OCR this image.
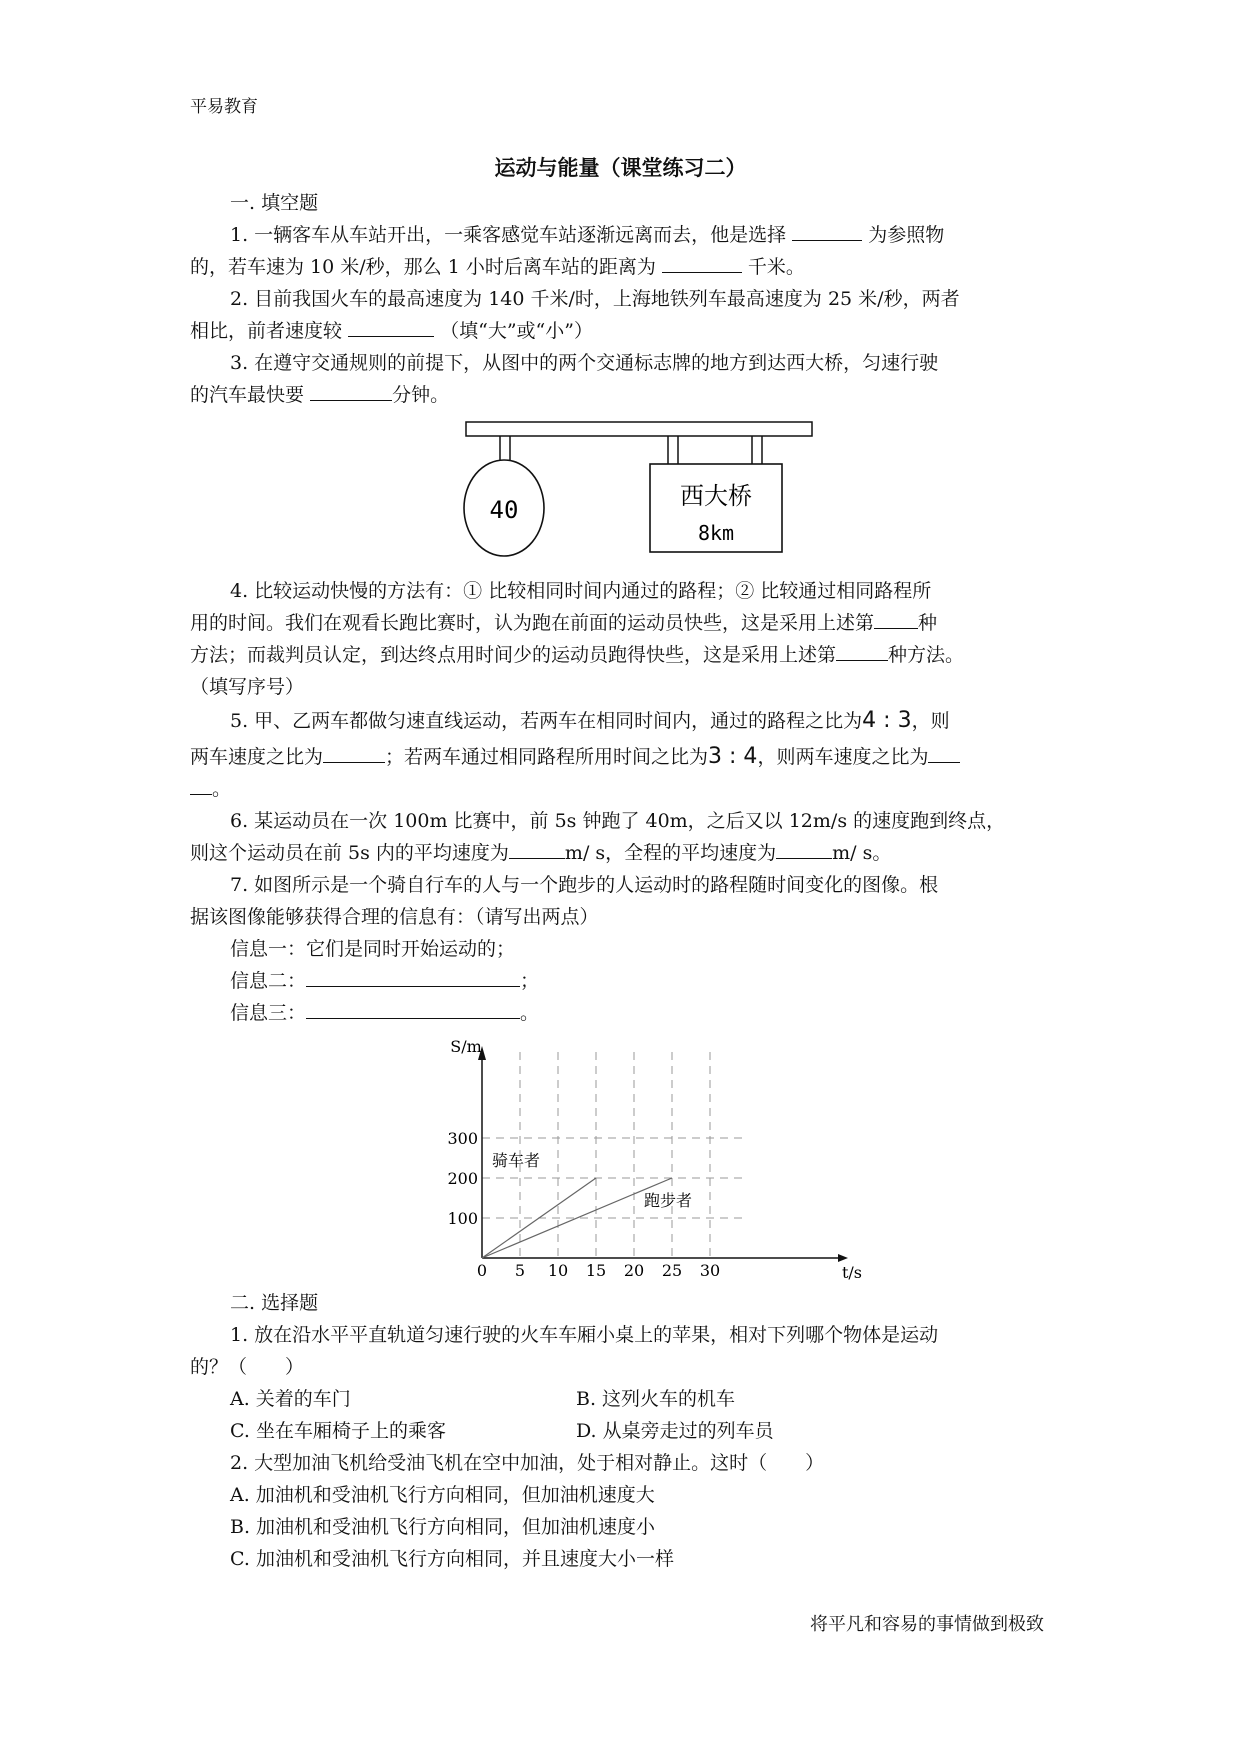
平易教育
运动与能量（课堂练习二）
一. 填空题
1. 一辆客车从车站开出，一乘客感觉车站逐渐远离而去，他是选择	为参照物
的，若车速为 10 米/秒，那么 1 小时后离车站的距离为	千米。
2. 目前我国火车的最高速度为 140 千米/时，上海地铁列车最高速度为 25 米/秒，两者
相比，前者速度较	（填“大”或“小”）
3. 在遵守交通规则的前提下，从图中的两个交通标志牌的地方到达西大桥，匀速行驶
的汽车最快要	分钟。
40	西大桥
8km
4. 比较运动快慢的方法有：① 比较相同时间内通过的路程；② 比较通过相同路程所
用的时间。我们在观看长跑比赛时，认为跑在前面的运动员快些，这是采用上述第 种
方法；而裁判员认定，到达终点用时间少的运动员跑得快些，这是采用上述第	种方法。
（填写序号）
5. 甲、乙两车都做匀速直线运动，若两车在相同时间内，通过的路程之比为4 : 3，则
两车速度之比为	；若两车通过相同路程所用时间之比为3 : 4，则两车速度之比为
。
6. 某运动员在一次 100m 比赛中，前 5s 钟跑了 40m，之后又以 12m/s 的速度跑到终点，
则这个运动员在前 5s 内的平均速度为	m/ s，全程的平均速度为	m/ s。
7. 如图所示是一个骑自行车的人与一个跑步的人运动时的路程随时间变化的图像。根
据该图像能够获得合理的信息有：（请写出两点）
信息一：它们是同时开始运动的；
信息二：	；
信息三：	。
S/m
t/s
0 5 10 15 20 25 30
100
200
300
骑车者
跑步者
二. 选择题
1. 放在沿水平平直轨道匀速行驶的火车车厢小桌上的苹果，相对下列哪个物体是运动
的？（　　）
A. 关着的车门	B. 这列火车的机车
C. 坐在车厢椅子上的乘客	D. 从桌旁走过的列车员
2. 大型加油飞机给受油飞机在空中加油，处于相对静止。这时（　　）
A. 加油机和受油机飞行方向相同，但加油机速度大
B. 加油机和受油机飞行方向相同，但加油机速度小
C. 加油机和受油机飞行方向相同，并且速度大小一样
将平凡和容易的事情做到极致
